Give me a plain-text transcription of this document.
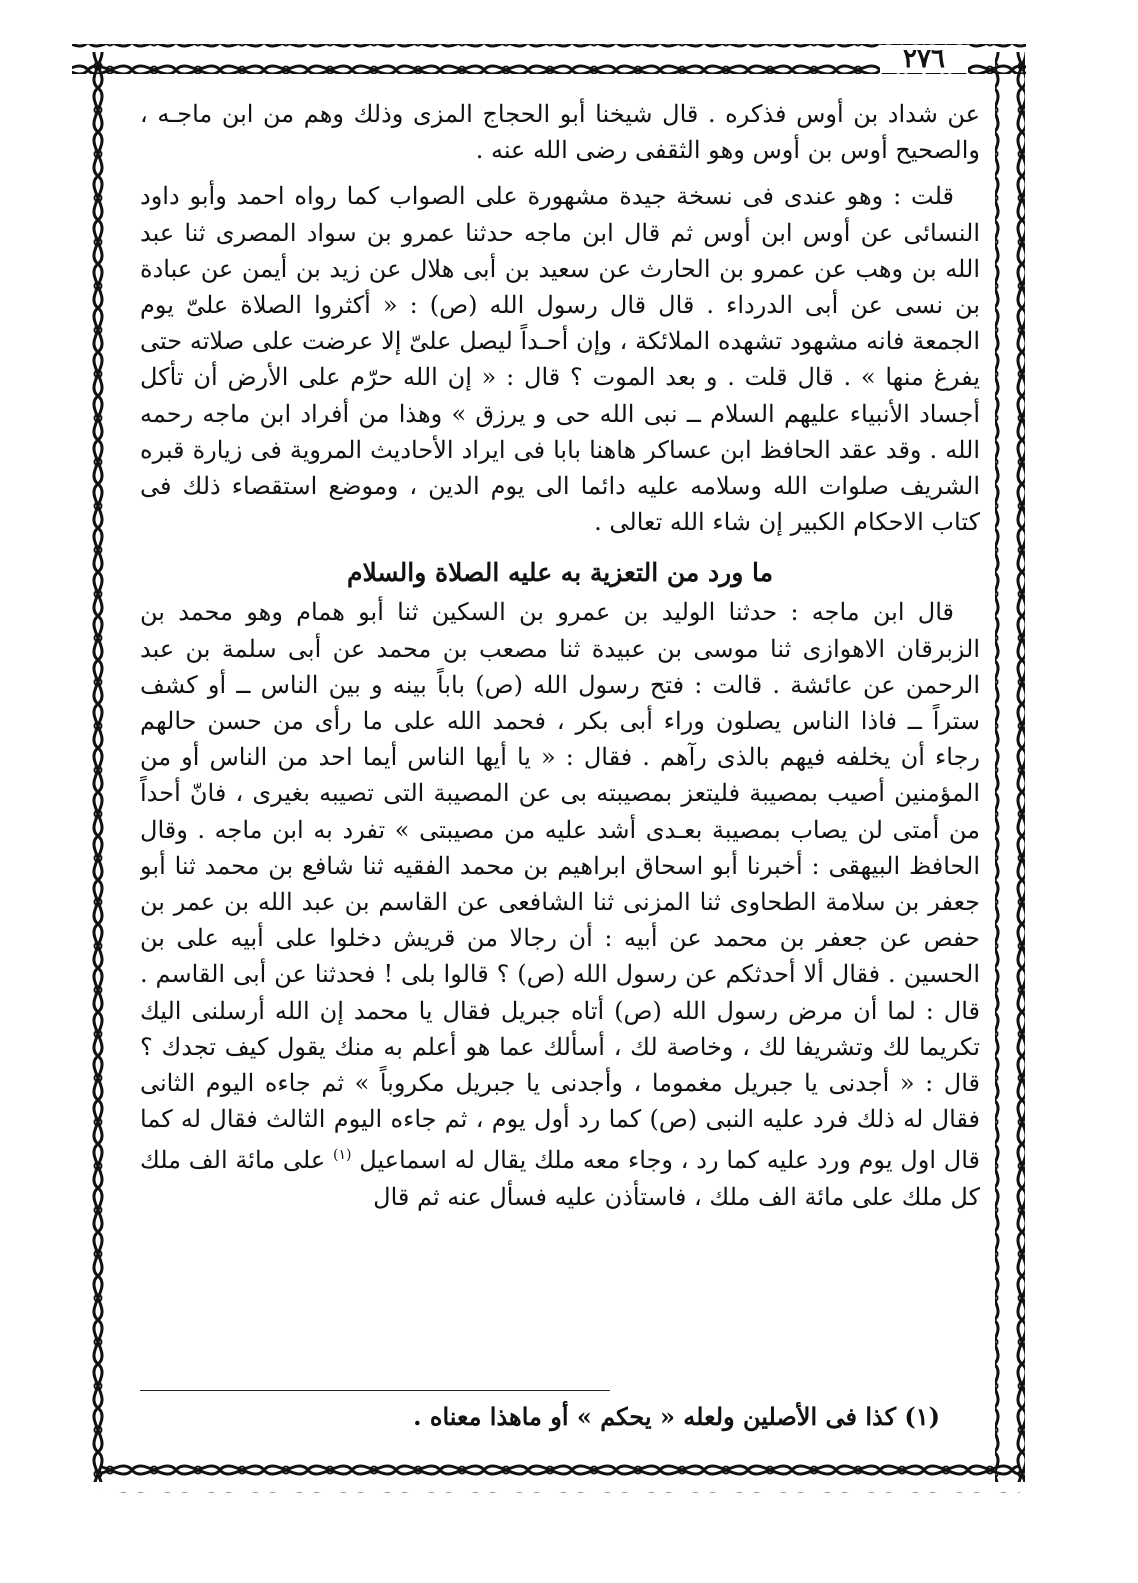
٢٧٦

عن شداد بن أوس فذكره . قال شيخنا أبو الحجاج المزى وذلك وهم من ابن ماجـه ، والصحيح أوس بن أوس وهو الثقفى رضى الله عنه .

قلت : وهو عندى فى نسخة جيدة مشهورة على الصواب كما رواه احمد وأبو داود النسائى عن أوس ابن أوس ثم قال ابن ماجه حدثنا عمرو بن سواد المصرى ثنا عبد الله بن وهب عن عمرو بن الحارث عن سعيد بن أبى هلال عن زيد بن أيمن عن عبادة بن نسى عن أبى الدرداء . قال قال رسول الله (ص) : « أكثروا الصلاة علىّ يوم الجمعة فانه مشهود تشهده الملائكة ، وإن أحـداً ليصل علىّ إلا عرضت على صلاته حتى يفرغ منها » . قال قلت . و بعد الموت ؟ قال : « إن الله حرّم على الأرض أن تأكل أجساد الأنبياء عليهم السلام ــ نبى الله حى و يرزق » وهذا من أفراد ابن ماجه رحمه الله . وقد عقد الحافظ ابن عساكر هاهنا بابا فى ايراد الأحاديث المروية فى زيارة قبره الشريف صلوات الله وسلامه عليه دائما الى يوم الدين ، وموضع استقصاء ذلك فى كتاب الاحكام الكبير إن شاء الله تعالى .

ما ورد من التعزية به عليه الصلاة والسلام

قال ابن ماجه : حدثنا الوليد بن عمرو بن السكين ثنا أبو همام وهو محمد بن الزبرقان الاهوازى ثنا موسى بن عبيدة ثنا مصعب بن محمد عن أبى سلمة بن عبد الرحمن عن عائشة . قالت : فتح رسول الله (ص) باباً بينه و بين الناس ــ أو كشف ستراً ــ فاذا الناس يصلون وراء أبى بكر ، فحمد الله على ما رأى من حسن حالهم رجاء أن يخلفه فيهم بالذى رآهم . فقال : « يا أيها الناس أيما احد من الناس أو من المؤمنين أصيب بمصيبة فليتعز بمصيبته بى عن المصيبة التى تصيبه بغيرى ، فانّ أحداً من أمتى لن يصاب بمصيبة بعـدى أشد عليه من مصيبتى » تفرد به ابن ماجه . وقال الحافظ البيهقى : أخبرنا أبو اسحاق ابراهيم بن محمد الفقيه ثنا شافع بن محمد ثنا أبو جعفر بن سلامة الطحاوى ثنا المزنى ثنا الشافعى عن القاسم بن عبد الله بن عمر بن حفص عن جعفر بن محمد عن أبيه : أن رجالا من قريش دخلوا على أبيه على بن الحسين . فقال ألا أحدثكم عن رسول الله (ص) ؟ قالوا بلى ! فحدثنا عن أبى القاسم . قال : لما أن مرض رسول الله (ص) أتاه جبريل فقال يا محمد إن الله أرسلنى اليك تكريما لك وتشريفا لك ، وخاصة لك ، أسألك عما هو أعلم به منك يقول كيف تجدك ؟ قال : « أجدنى يا جبريل مغموما ، وأجدنى يا جبريل مكروباً » ثم جاءه اليوم الثانى فقال له ذلك فرد عليه النبى (ص) كما رد أول يوم ، ثم جاءه اليوم الثالث فقال له كما قال اول يوم ورد عليه كما رد ، وجاء معه ملك يقال له اسماعيل $^{(١)}$ على مائة الف ملك كل ملك على مائة الف ملك ، فاستأذن عليه فسأل عنه ثم قال

(١) كذا فى الأصلين ولعله « يحكم » أو ماهذا معناه .
